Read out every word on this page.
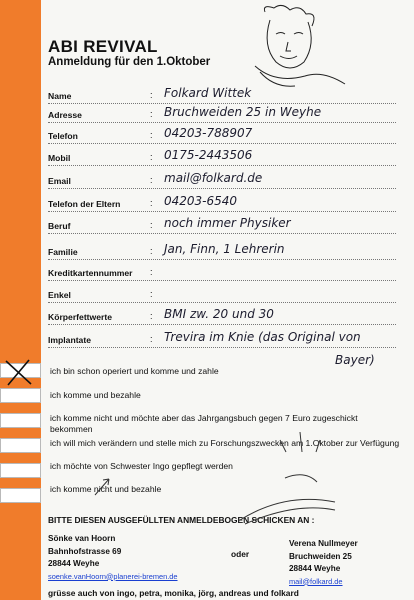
ABI REVIVAL
Anmeldung für den 1.Oktober
Name	: Folkard Wittek
Adresse	: Bruchweiden 25 in Weyhe
Telefon	: 04203-788907
Mobil	: 0175-2443506
Email	: mail@folkard.de
Telefon der Eltern	: 04203-6540
Beruf	: noch immer Physiker
Familie	: Jan, Finn, 1 Lehrerin
Kreditkartennummer :
Enkel	:
Körperfettwerte	: BMI zw. 20 und 30
Implantate	: Trevira im Knie (das Original von
Bayer)
ich bin schon operiert und komme und zahle
ich komme und bezahle
ich komme nicht und möchte aber das Jahrgangsbuch gegen 7 Euro zugeschickt bekommen
ich will mich verändern und stelle mich zu Forschungszwecken am 1.Oktober zur Verfügung
ich möchte von Schwester Ingo gepflegt werden
ich komme nicht und bezahle
BITTE DIESEN AUSGEFÜLLTEN ANMELDEBOGEN SCHICKEN AN :
Sönke van Hoorn
Bahnhofstrasse 69
28844 Weyhe
soenke.vanHoorn@planerei-bremen.de
oder
Verena Nullmeyer
Bruchweiden 25
28844 Weyhe
mail@folkard.de
grüsse auch von ingo, petra, monika, jörg, andreas und folkard
